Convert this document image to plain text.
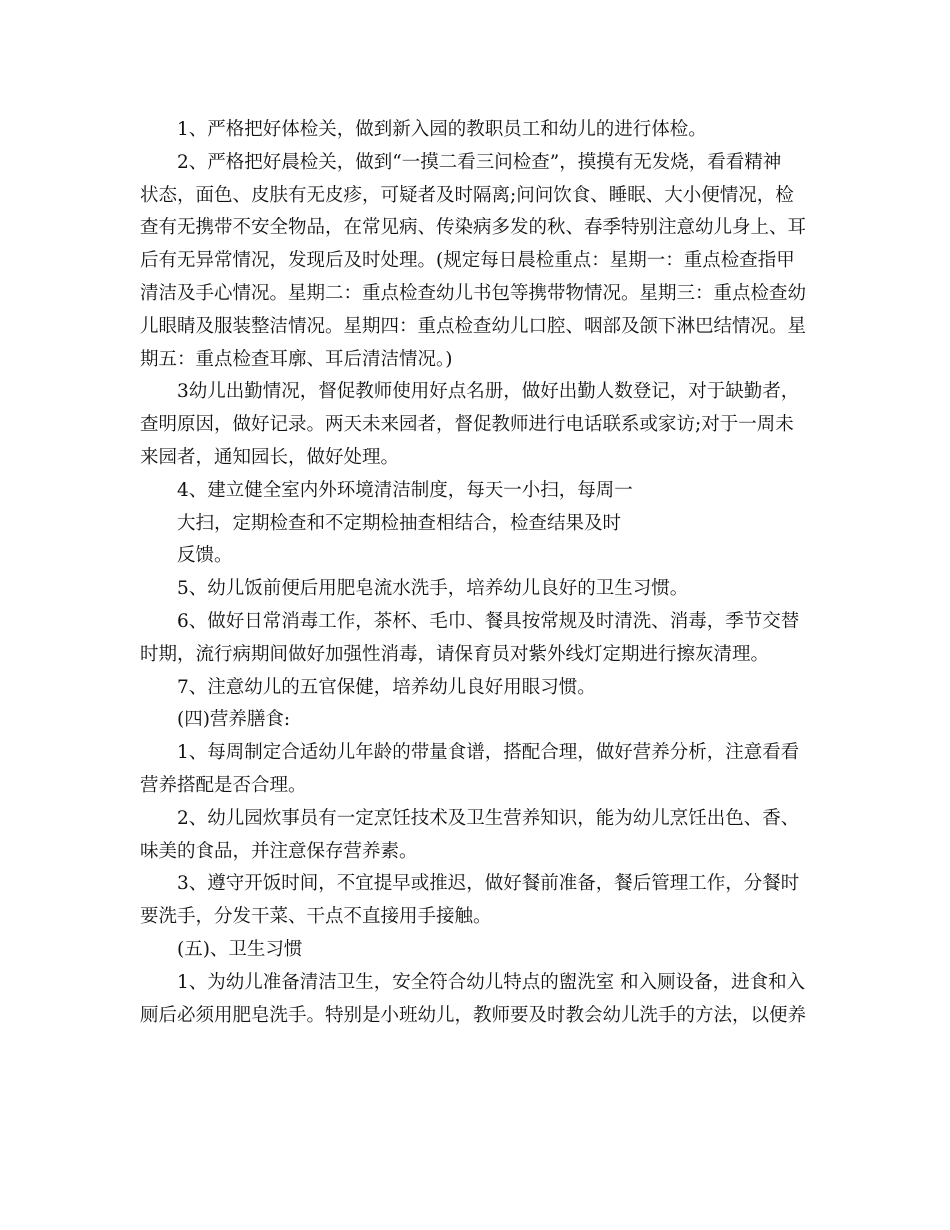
1、严格把好体检关，做到新入园的教职员工和幼儿的进行体检。
2、严格把好晨检关，做到“一摸二看三问检查”，摸摸有无发烧，看看精神
状态，面色、皮肤有无皮疹，可疑者及时隔离;问问饮食、睡眠、大小便情况，检
查有无携带不安全物品，在常见病、传染病多发的秋、春季特别注意幼儿身上、耳
后有无异常情况，发现后及时处理。(规定每日晨检重点：星期一：重点检查指甲
清洁及手心情况。星期二：重点检查幼儿书包等携带物情况。星期三：重点检查幼
儿眼睛及服装整洁情况。星期四：重点检查幼儿口腔、咽部及颌下淋巴结情况。星
期五：重点检查耳廓、耳后清洁情况。)
3幼儿出勤情况，督促教师使用好点名册，做好出勤人数登记，对于缺勤者，
查明原因，做好记录。两天未来园者，督促教师进行电话联系或家访;对于一周未
来园者，通知园长，做好处理。
4、建立健全室内外环境清洁制度，每天一小扫，每周一
大扫，定期检查和不定期检抽查相结合，检查结果及时
反馈。
5、幼儿饭前便后用肥皂流水洗手，培养幼儿良好的卫生习惯。
6、做好日常消毒工作，茶杯、毛巾、餐具按常规及时清洗、消毒，季节交替
时期，流行病期间做好加强性消毒，请保育员对紫外线灯定期进行擦灰清理。
7、注意幼儿的五官保健，培养幼儿良好用眼习惯。
(四)营养膳食:
1、每周制定合适幼儿年龄的带量食谱，搭配合理，做好营养分析，注意看看
营养搭配是否合理。
2、幼儿园炊事员有一定烹饪技术及卫生营养知识，能为幼儿烹饪出色、香、
味美的食品，并注意保存营养素。
3、遵守开饭时间，不宜提早或推迟，做好餐前准备，餐后管理工作，分餐时
要洗手，分发干菜、干点不直接用手接触。
(五)、卫生习惯
1、为幼儿准备清洁卫生，安全符合幼儿特点的盥洗室 和入厕设备，进食和入
厕后必须用肥皂洗手。特别是小班幼儿，教师要及时教会幼儿洗手的方法，以便养
